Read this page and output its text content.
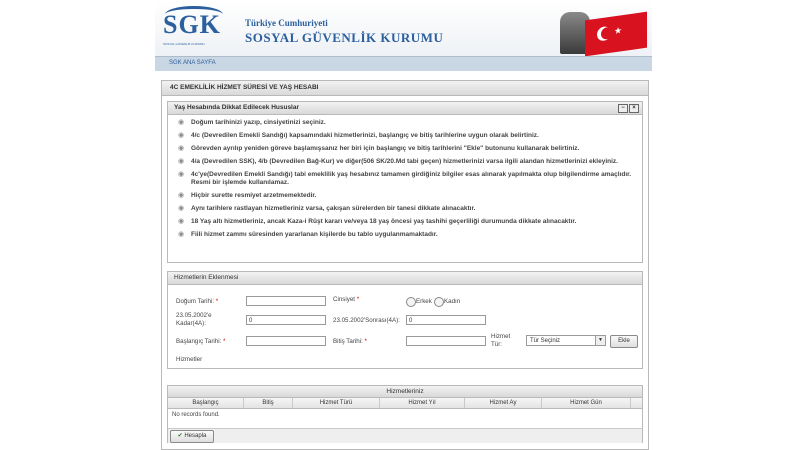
SGK
SOSYAL GÜVENLİK KURUMU
Türkiye Cumhuriyeti
SOSYAL GÜVENLİK KURUMU	★
SGK ANA SAYFA
4C EMEKLİLİK HİZMET SÜRESİ VE YAŞ HESABI
Yaş Hesabında Dikkat Edilecek Hususlar	−	×
◉ Doğum tarihinizi yazıp, cinsiyetinizi seçiniz.
◉ 4/c (Devredilen Emekli Sandığı) kapsamındaki hizmetlerinizi, başlangıç ve bitiş tarihlerine uygun olarak belirtiniz.
◉ Görevden ayrılıp yeniden göreve başlamışsanız her biri için başlangıç ve bitiş tarihlerini "Ekle" butonunu kullanarak belirtiniz.
◉ 4/a (Devredilen SSK), 4/b (Devredilen Bağ-Kur) ve diğer(506 SK/20.Md tabi geçen) hizmetlerinizi varsa ilgili alandan hizmetlerinizi ekleyiniz.
◉ 4c'ye(Devredilen Emekli Sandığı) tabi emeklilik yaş hesabınız tamamen girdiğiniz bilgiler esas alınarak yapılmakta olup bilgilendirme amaçlıdır. Resmi bir işlemde kullanılamaz.
◉ Hiçbir surette resmiyet arzetmemektedir.
◉ Aynı tarihlere rastlayan hizmetleriniz varsa, çakışan sürelerden bir tanesi dikkate alınacaktır.
◉ 18 Yaş altı hizmetleriniz, ancak Kaza-i Rüşt kararı ve/veya 18 yaş öncesi yaş tashihi geçerliliği durumunda dikkate alınacaktır.
◉ Fiili hizmet zammı süresinden yararlanan kişilerde bu tablo uygulanmamaktadır.
Hizmetlerin Eklenmesi
Doğum Tarihi: *	Cinsiyet *	Erkek Kadın
23.05.2002'e
Kadar(4A):	0	23.05.2002'Sonrası(4A):	0
Başlangıç Tarihi: *	Bitiş Tarihi: *
Hizmet
Tür:	Tür Seçiniz	▼	Ekle
Hizmetler
Hizmetleriniz
Başlangıç	Bitiş	Hizmet Türü	Hizmet Yıl	Hizmet Ay	Hizmet Gün
No records found.
✔ Hesapla
